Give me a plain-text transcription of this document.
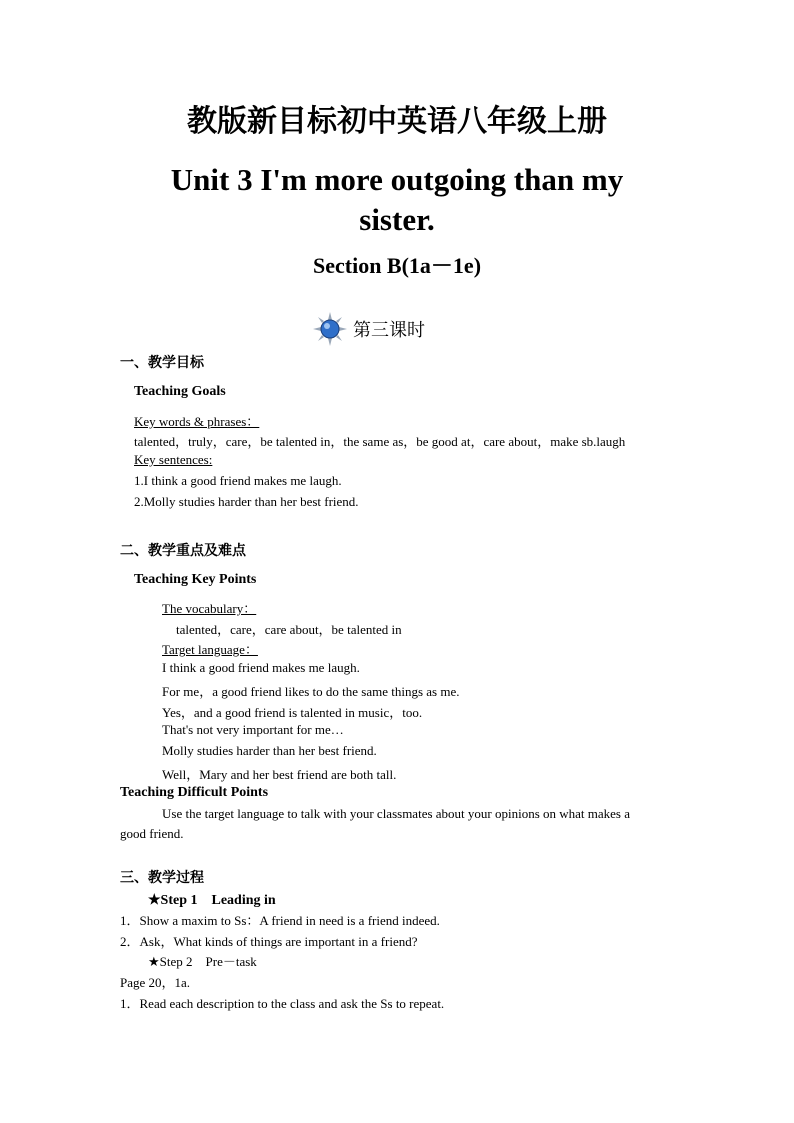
教版新目标初中英语八年级上册
Unit 3 I'm more outgoing than my
sister.
Section B(1a－1e)
第三课时
一、教学目标
Teaching Goals
Key words & phrases：
talented，truly，care，be talented in，the same as，be good at，care about，make sb.laugh
Key sentences:
1.I think a good friend makes me laugh.
2.Molly studies harder than her best friend.
二、教学重点及难点
Teaching Key Points
The vocabulary：
talented，care，care about，be talented in
Target language：
I think a good friend makes me laugh.
For me，a good friend likes to do the same things as me.
Yes，and a good friend is talented in music，too.
That's not very important for me…
Molly studies harder than her best friend.
Well，Mary and her best friend are both tall.
Teaching Difficult Points
Use the target language to talk with your classmates about your opinions on what makes a
good friend.
三、教学过程
★Step 1　Leading in
1．Show a maxim to Ss：A friend in need is a friend indeed.
2．Ask，What kinds of things are important in a friend?
★Step 2　Pre－task
Page 20，1a.
1．Read each description to the class and ask the Ss to repeat.
